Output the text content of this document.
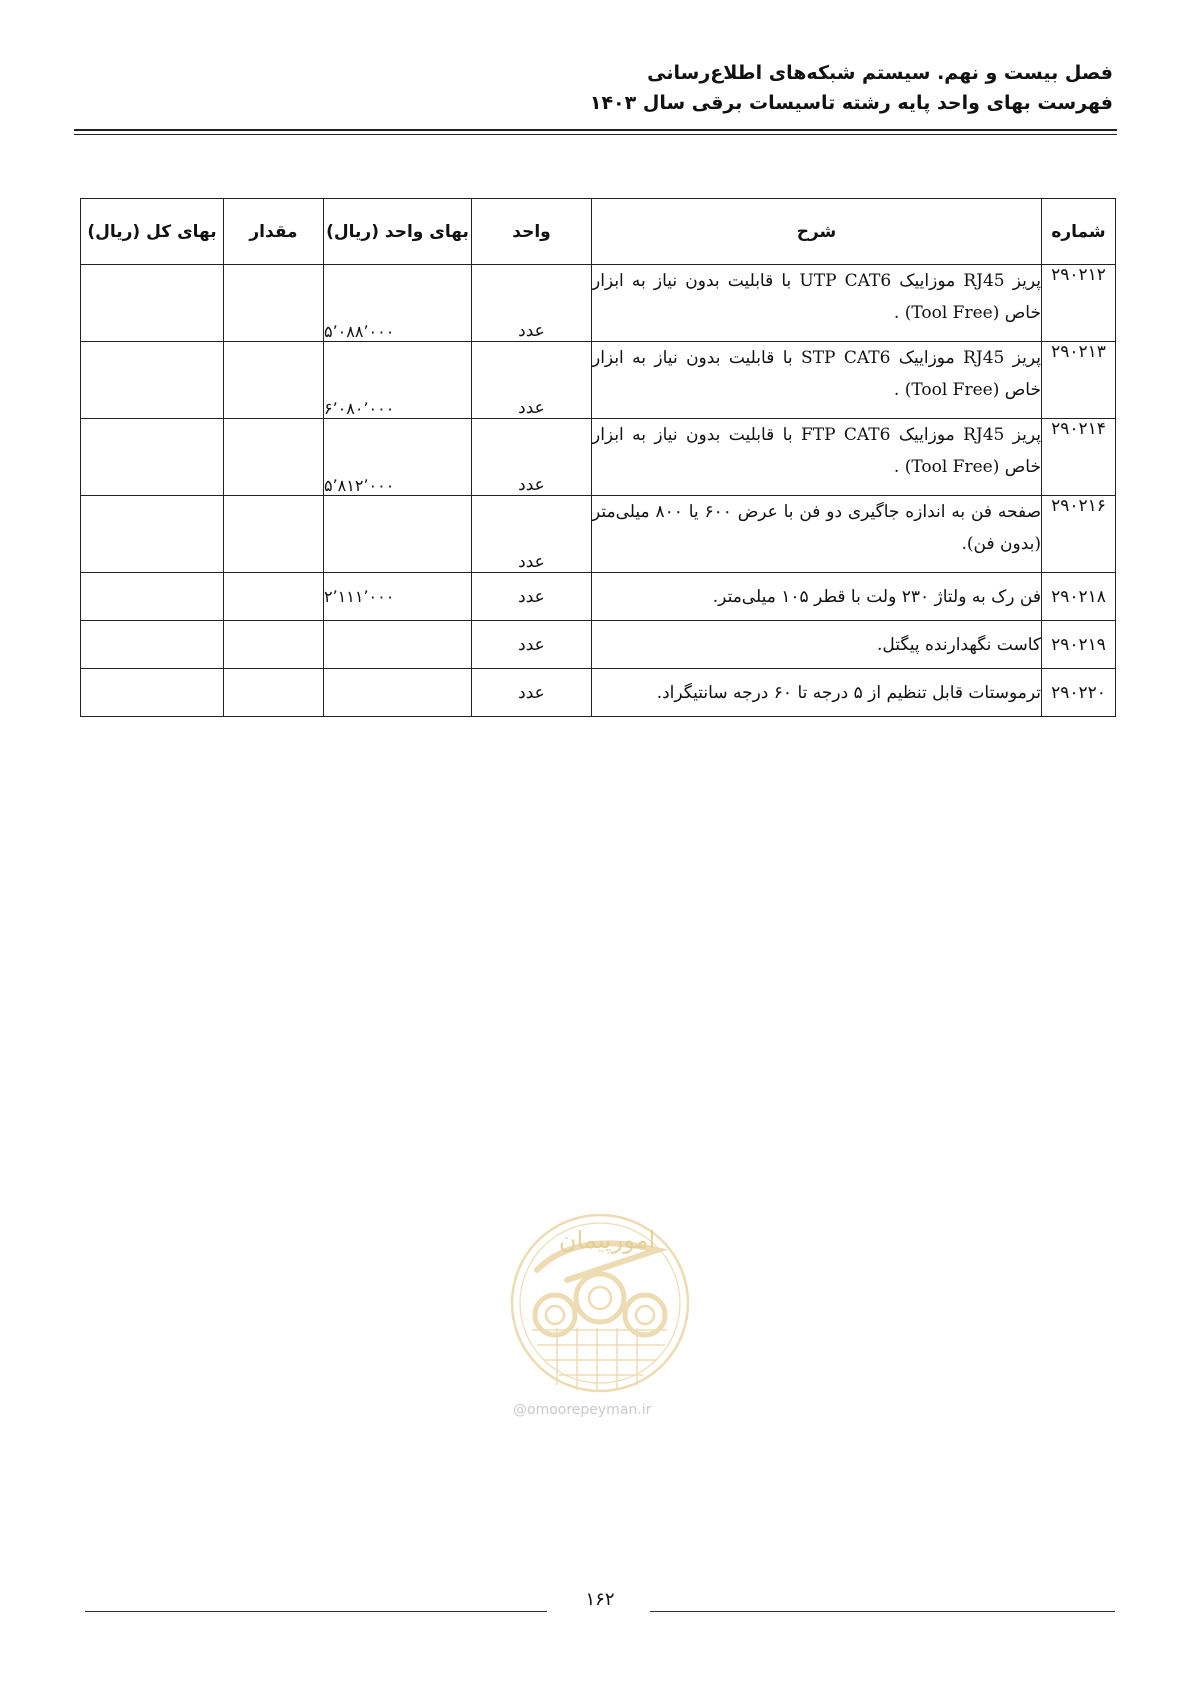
فصل بیست و نهم. سیستم شبکه‌های اطلاع‌رسانی
فهرست بهای واحد پایه رشته تاسیسات برقی سال ۱۴۰۳
شماره	شرح	واحد	بهای واحد (ریال)	مقدار	بهای کل (ریال)
۲۹۰۲۱۲	پریز RJ45 موزاییک UTP CAT6 با قابلیت بدون نیاز به ابزار خاص (Tool Free) .	عدد	۵٬۰۸۸٬۰۰۰		
۲۹۰۲۱۳	پریز RJ45 موزاییک STP CAT6 با قابلیت بدون نیاز به ابزار خاص (Tool Free) .	عدد	۶٬۰۸۰٬۰۰۰		
۲۹۰۲۱۴	پریز RJ45 موزاییک FTP CAT6 با قابلیت بدون نیاز به ابزار خاص (Tool Free) .	عدد	۵٬۸۱۲٬۰۰۰		
۲۹۰۲۱۶	صفحه فن به اندازه جاگیری دو فن با عرض ۶۰۰ یا ۸۰۰ میلی‌متر (بدون فن).	عدد			
۲۹۰۲۱۸	فن رک به ولتاژ ۲۳۰ ولت با قطر ۱۰۵ میلی‌متر.	عدد	۲٬۱۱۱٬۰۰۰		
۲۹۰۲۱۹	کاست نگهدارنده پیگتل.	عدد			
۲۹۰۲۲۰	ترموستات قابل تنظیم از ۵ درجه تا ۶۰ درجه سانتیگراد.	عدد			
امورپیمان
@omoorepeyman.ir
۱۶۲
